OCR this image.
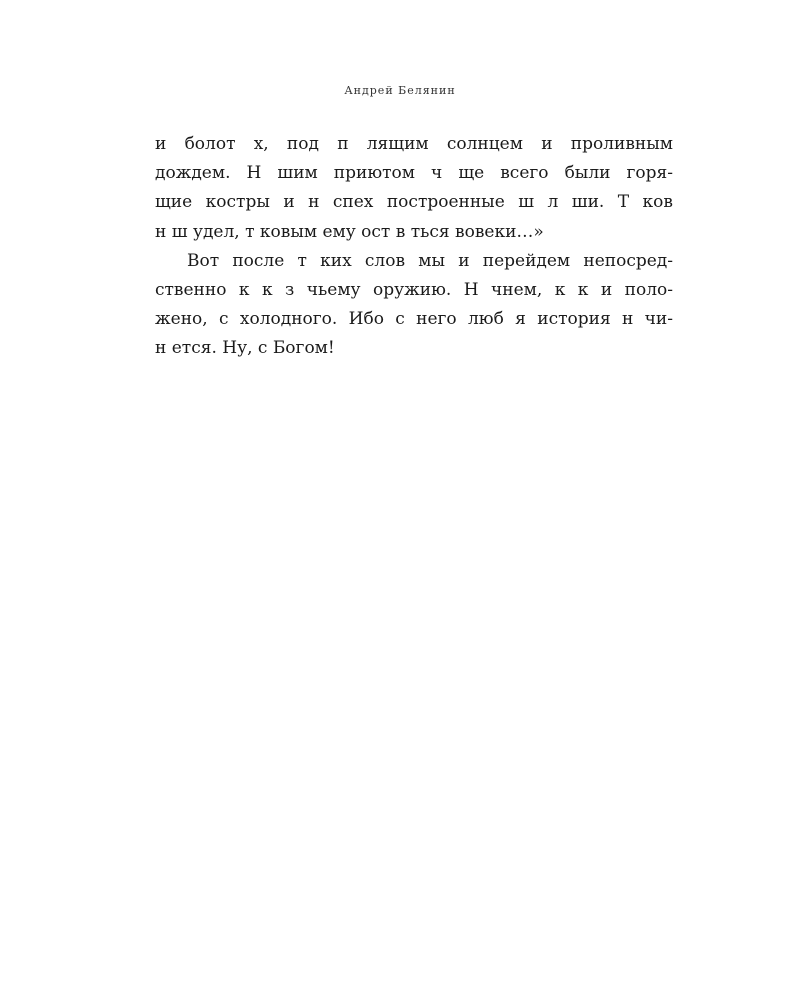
Андрей Белянин
и болот х, под п лящим солнцем и проливным
дождем. Н шим приютом ч ще всего были горя-
щие костры и н спех построенные ш л ши. Т ков
н ш удел, т ковым ему ост в ться вовеки…»
Вот после т ких слов мы и перейдем непосред-
ственно к к з чьему оружию. Н чнем, к к и поло-
жено, с холодного. Ибо с него люб я история н чи-
н ется. Ну, с Богом!
